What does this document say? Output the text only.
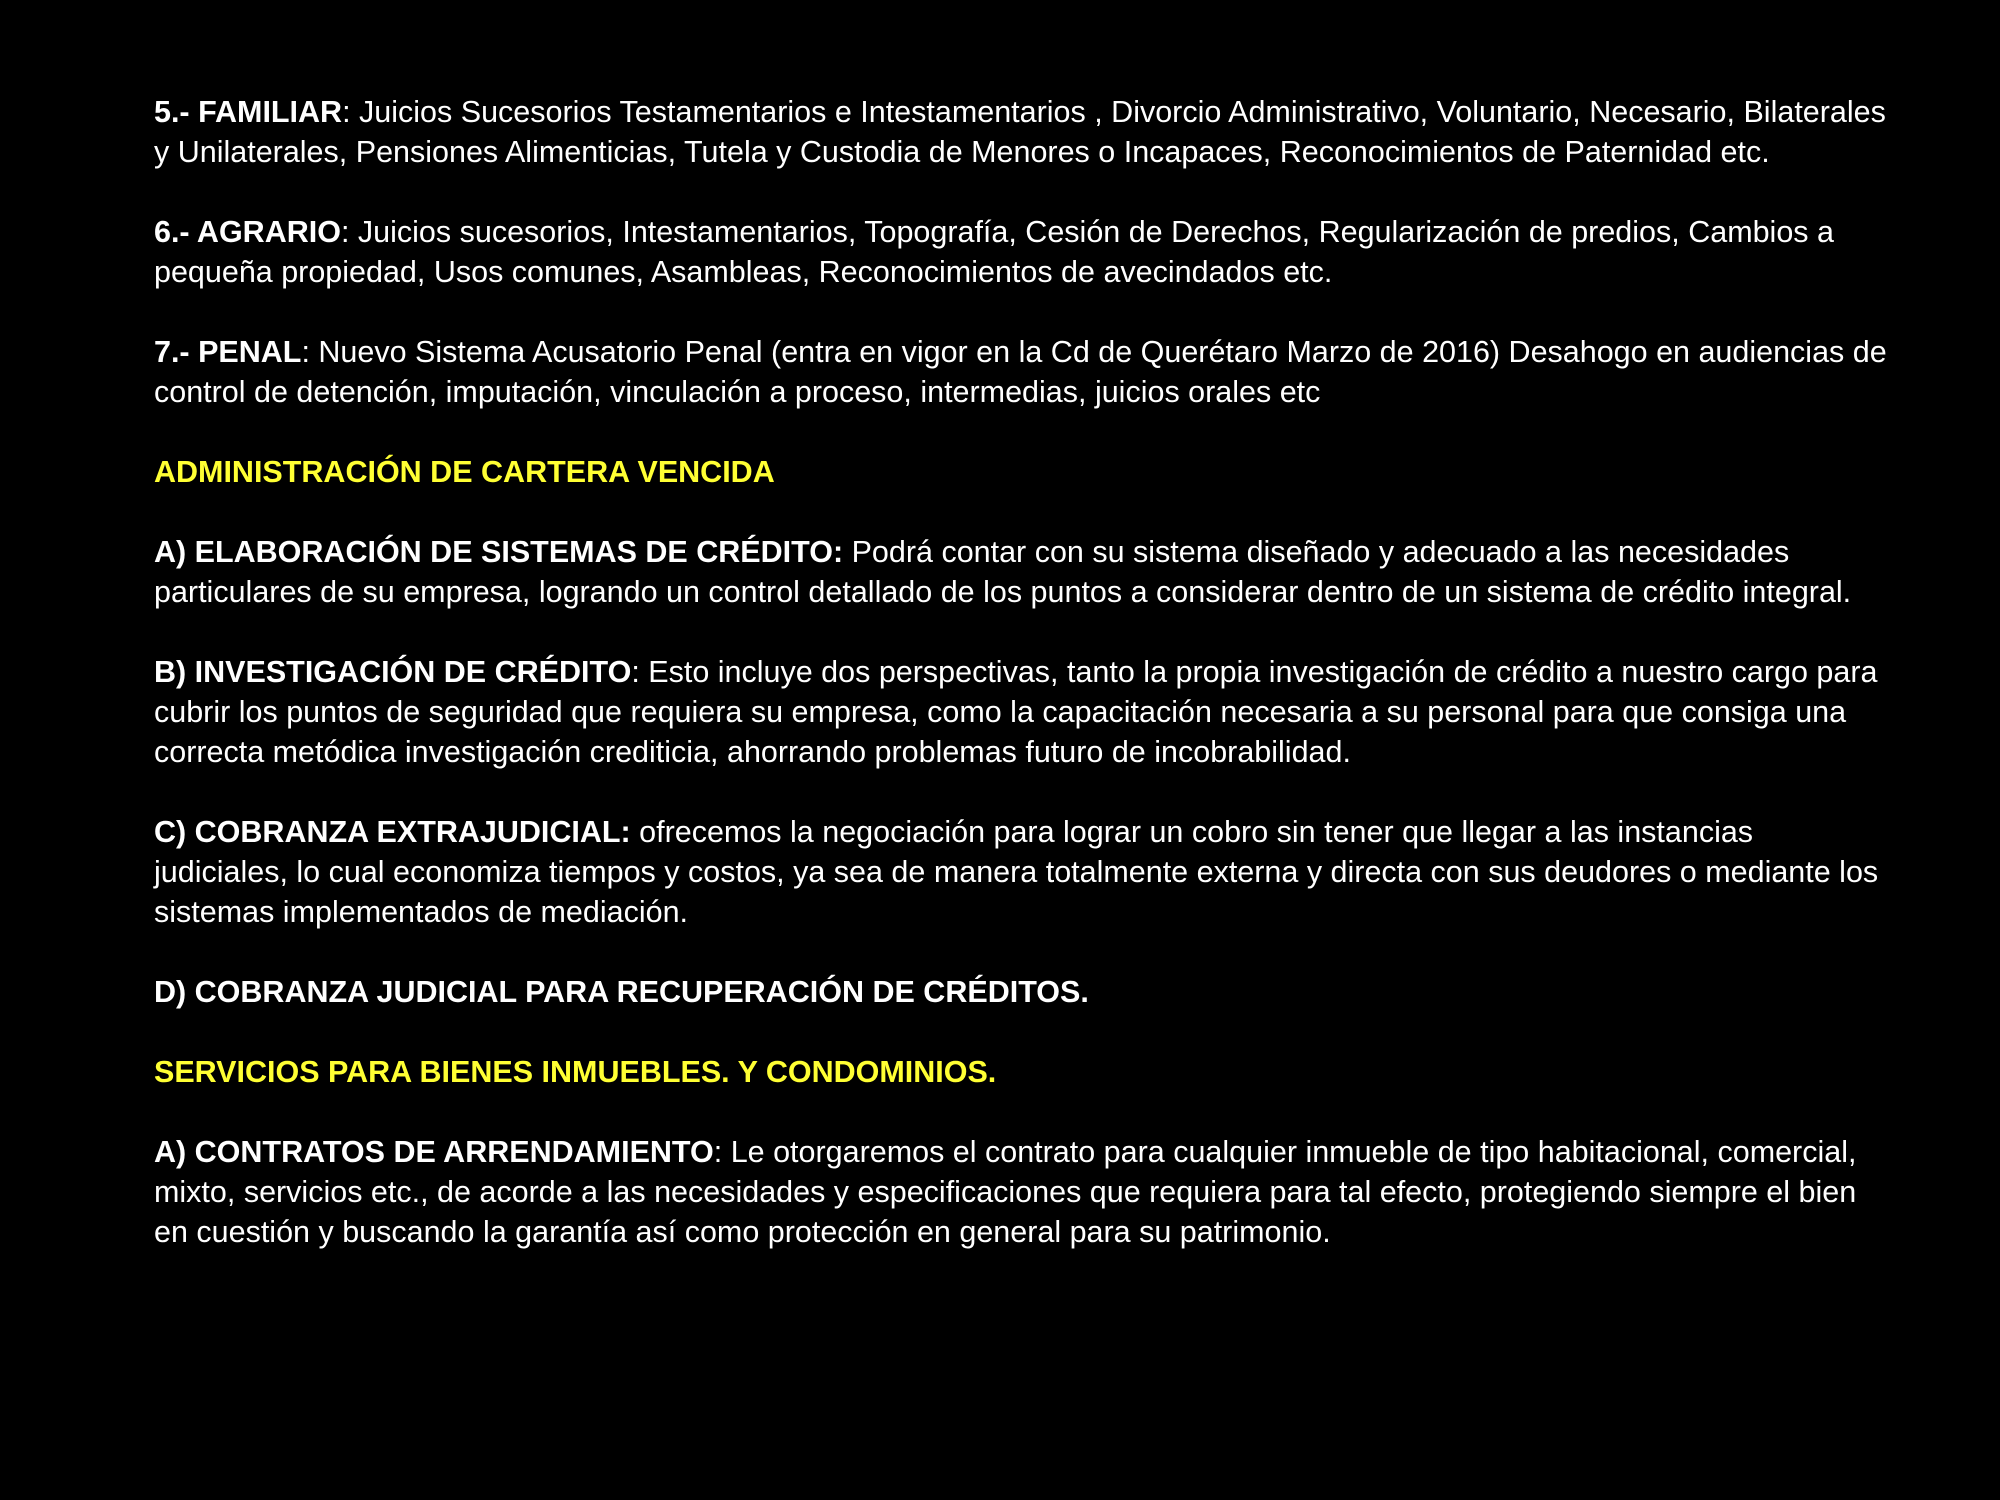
5.- FAMILIAR: Juicios Sucesorios Testamentarios e Intestamentarios , Divorcio Administrativo, Voluntario, Necesario, Bilaterales y Unilaterales, Pensiones Alimenticias, Tutela y Custodia de Menores o Incapaces, Reconocimientos de Paternidad etc.

6.- AGRARIO: Juicios sucesorios, Intestamentarios, Topografía, Cesión de Derechos, Regularización de predios, Cambios a pequeña propiedad, Usos comunes, Asambleas, Reconocimientos de avecindados etc.

7.- PENAL: Nuevo Sistema Acusatorio Penal (entra en vigor en la Cd de Querétaro Marzo de 2016) Desahogo en audiencias de control de detención, imputación, vinculación a proceso, intermedias, juicios orales etc

ADMINISTRACIÓN DE CARTERA VENCIDA

A) ELABORACIÓN DE SISTEMAS DE CRÉDITO: Podrá contar con su sistema diseñado y adecuado a las necesidades particulares de su empresa, logrando un control detallado de los puntos a considerar dentro de un sistema de crédito integral.

B) INVESTIGACIÓN DE CRÉDITO: Esto incluye dos perspectivas, tanto la propia investigación de crédito a nuestro cargo para cubrir los puntos de seguridad que requiera su empresa, como la capacitación necesaria a su personal para que consiga una correcta metódica investigación crediticia, ahorrando problemas futuro de incobrabilidad.

C) COBRANZA EXTRAJUDICIAL: ofrecemos la negociación para lograr un cobro sin tener que llegar a las instancias judiciales, lo cual economiza tiempos y costos, ya sea de manera totalmente externa y directa con sus deudores o mediante los sistemas implementados de mediación.

D) COBRANZA JUDICIAL PARA RECUPERACIÓN DE CRÉDITOS.

SERVICIOS PARA BIENES INMUEBLES. Y CONDOMINIOS.

A) CONTRATOS DE ARRENDAMIENTO: Le otorgaremos el contrato para cualquier inmueble de tipo habitacional, comercial, mixto, servicios etc., de acorde a las necesidades y especificaciones que requiera para tal efecto, protegiendo siempre el bien en cuestión y buscando la garantía así como protección en general para su patrimonio.
